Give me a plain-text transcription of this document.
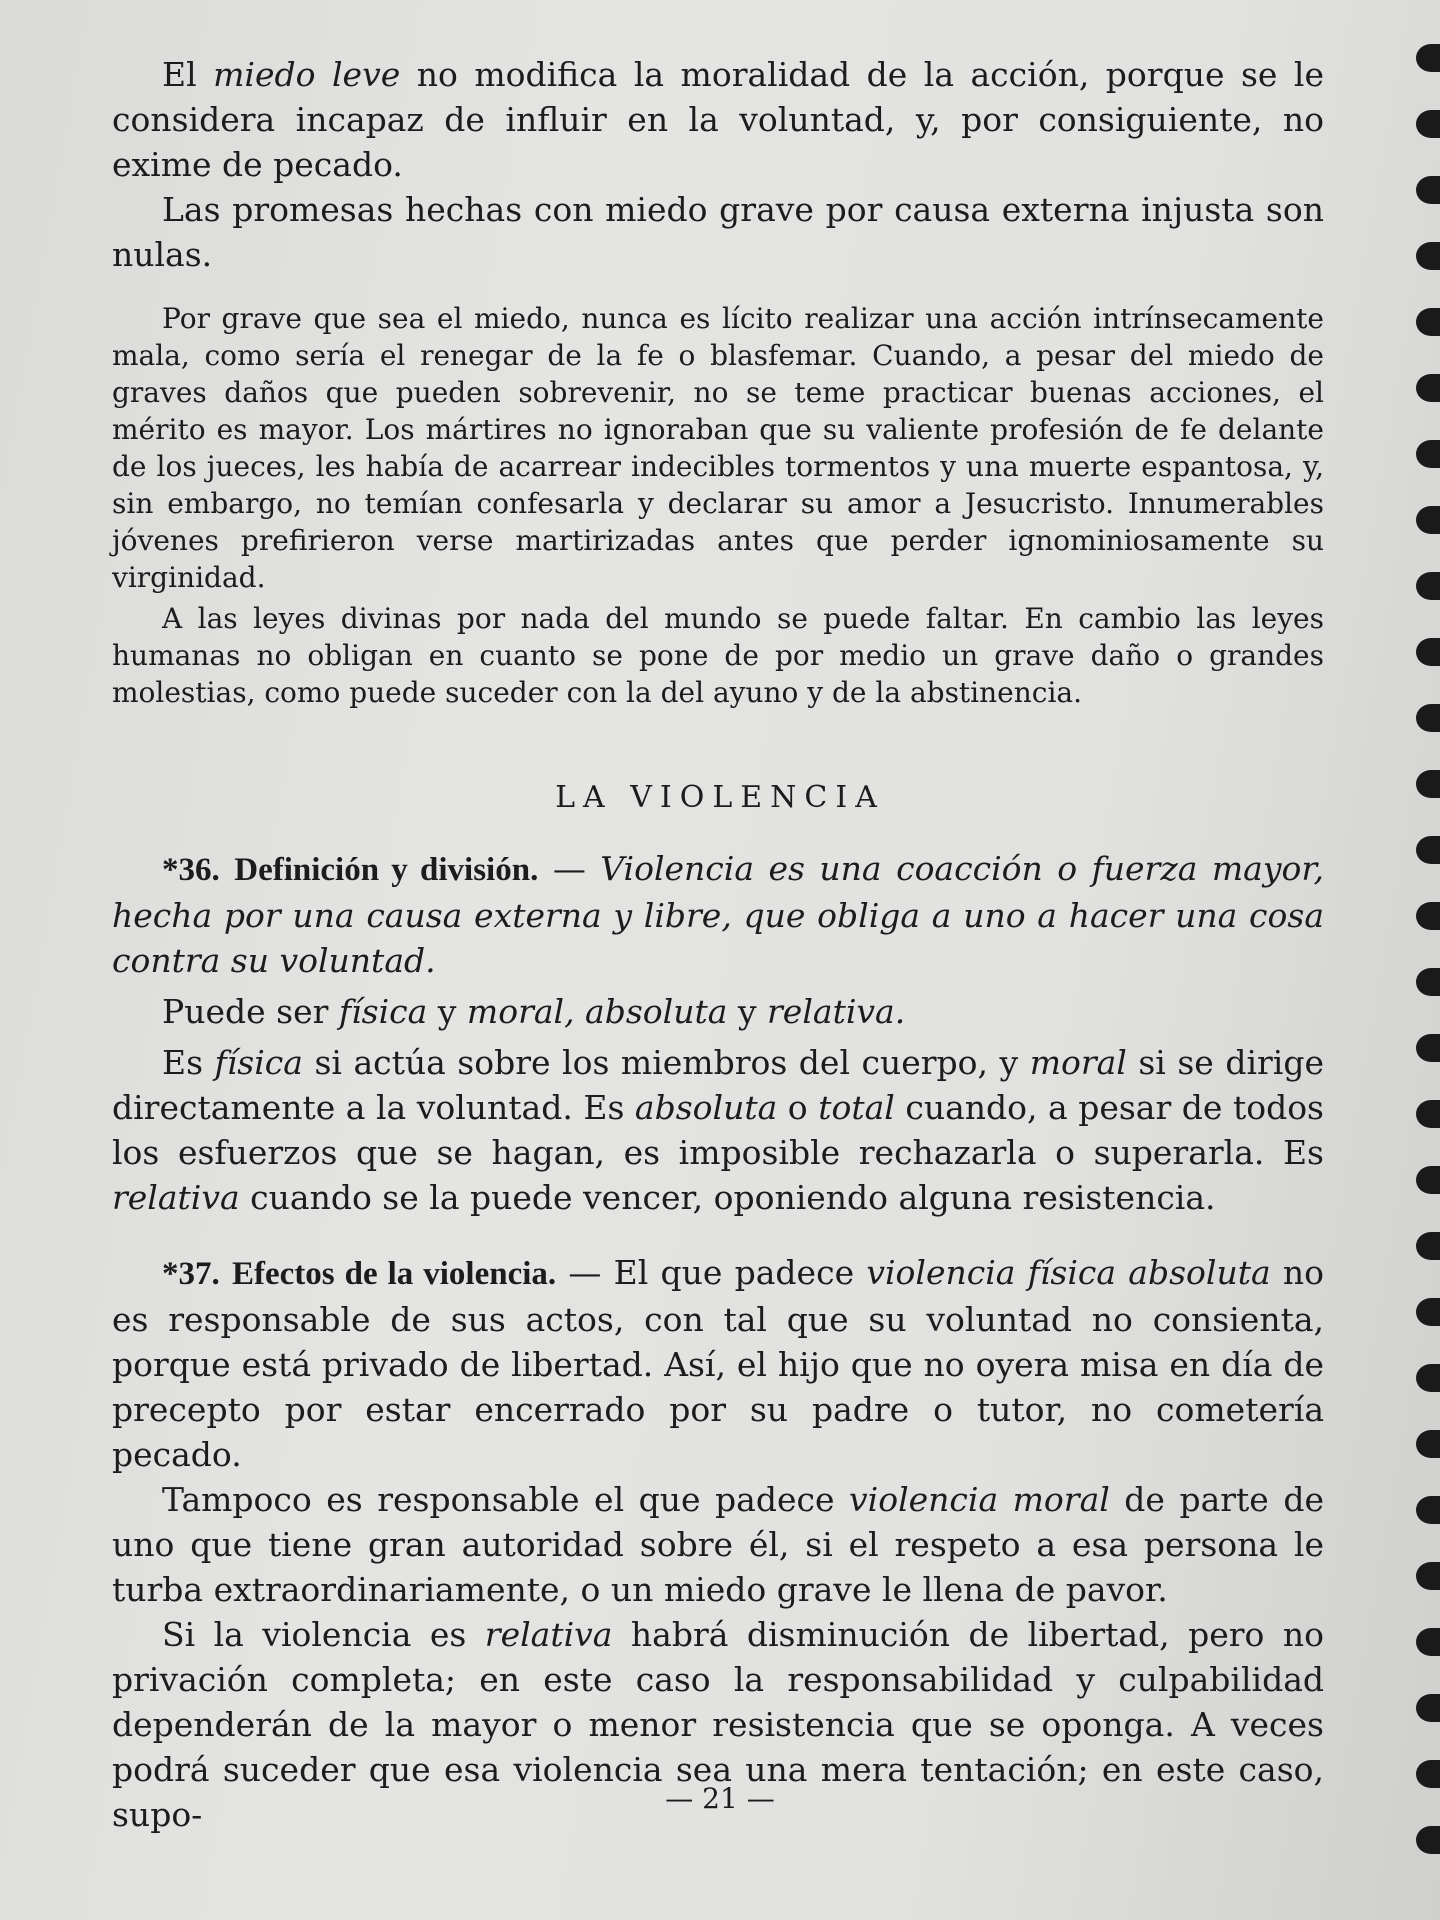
El miedo leve no modifica la moralidad de la acción, porque se le considera incapaz de influir en la voluntad, y, por consiguiente, no exime de pecado.

Las promesas hechas con miedo grave por causa externa injusta son nulas.

Por grave que sea el miedo, nunca es lícito realizar una acción intrínsecamente mala, como sería el renegar de la fe o blasfemar. Cuando, a pesar del miedo de graves daños que pueden sobrevenir, no se teme practicar buenas acciones, el mérito es mayor. Los mártires no ignoraban que su valiente profesión de fe delante de los jueces, les había de acarrear indecibles tormentos y una muerte espantosa, y, sin embargo, no temían confesarla y declarar su amor a Jesucristo. Innumerables jóvenes prefirieron verse martirizadas antes que perder ignominiosamente su virginidad.

A las leyes divinas por nada del mundo se puede faltar. En cambio las leyes humanas no obligan en cuanto se pone de por medio un grave daño o grandes molestias, como puede suceder con la del ayuno y de la abstinencia.

LA VIOLENCIA

*36. Definición y división. — Violencia es una coacción o fuerza mayor, hecha por una causa externa y libre, que obliga a uno a hacer una cosa contra su voluntad.

Puede ser física y moral, absoluta y relativa.

Es física si actúa sobre los miembros del cuerpo, y moral si se dirige directamente a la voluntad. Es absoluta o total cuando, a pesar de todos los esfuerzos que se hagan, es imposible rechazarla o superarla. Es relativa cuando se la puede vencer, oponiendo alguna resistencia.

*37. Efectos de la violencia. — El que padece violencia física absoluta no es responsable de sus actos, con tal que su voluntad no consienta, porque está privado de libertad. Así, el hijo que no oyera misa en día de precepto por estar encerrado por su padre o tutor, no cometería pecado.

Tampoco es responsable el que padece violencia moral de parte de uno que tiene gran autoridad sobre él, si el respeto a esa persona le turba extraordinariamente, o un miedo grave le llena de pavor.

Si la violencia es relativa habrá disminución de libertad, pero no privación completa; en este caso la responsabilidad y culpabilidad dependerán de la mayor o menor resistencia que se oponga. A veces podrá suceder que esa violencia sea una mera tentación; en este caso, supo-	— 21 —
